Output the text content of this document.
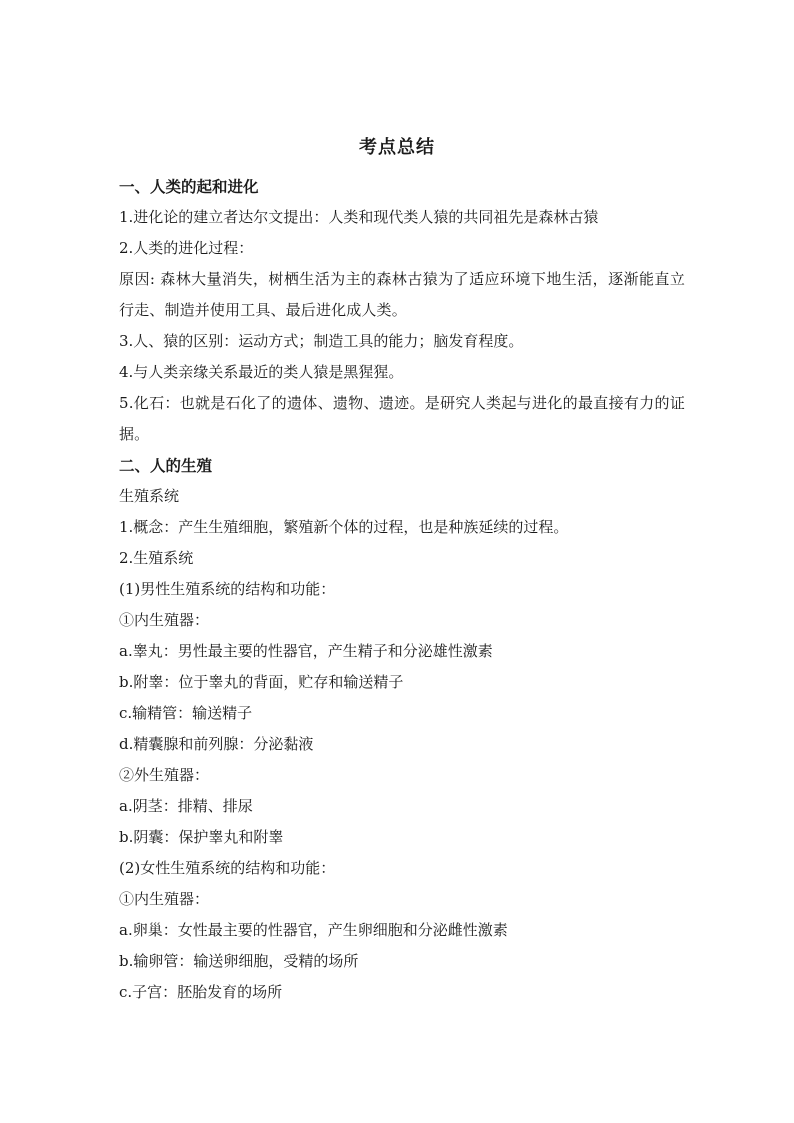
考点总结
一、人类的起和进化
1.进化论的建立者达尔文提出：人类和现代类人猿的共同祖先是森林古猿
2.人类的进化过程：
原因: 森林大量消失，树栖生活为主的森林古猿为了适应环境下地生活，逐渐能直立行走、制造并使用工具、最后进化成人类。
3.人、猿的区别：运动方式；制造工具的能力；脑发育程度。
4.与人类亲缘关系最近的类人猿是黑猩猩。
5.化石：也就是石化了的遗体、遗物、遗迹。是研究人类起与进化的最直接有力的证据。
二、人的生殖
生殖系统
1.概念：产生生殖细胞，繁殖新个体的过程，也是种族延续的过程。
2.生殖系统
(1)男性生殖系统的结构和功能：
①内生殖器：
a.睾丸：男性最主要的性器官，产生精子和分泌雄性激素
b.附睾：位于睾丸的背面，贮存和输送精子
c.输精管：输送精子
d.精囊腺和前列腺：分泌黏液
②外生殖器：
a.阴茎：排精、排尿
b.阴囊：保护睾丸和附睾
(2)女性生殖系统的结构和功能：
①内生殖器：
a.卵巢：女性最主要的性器官，产生卵细胞和分泌雌性激素
b.输卵管：输送卵细胞，受精的场所
c.子宫：胚胎发育的场所
